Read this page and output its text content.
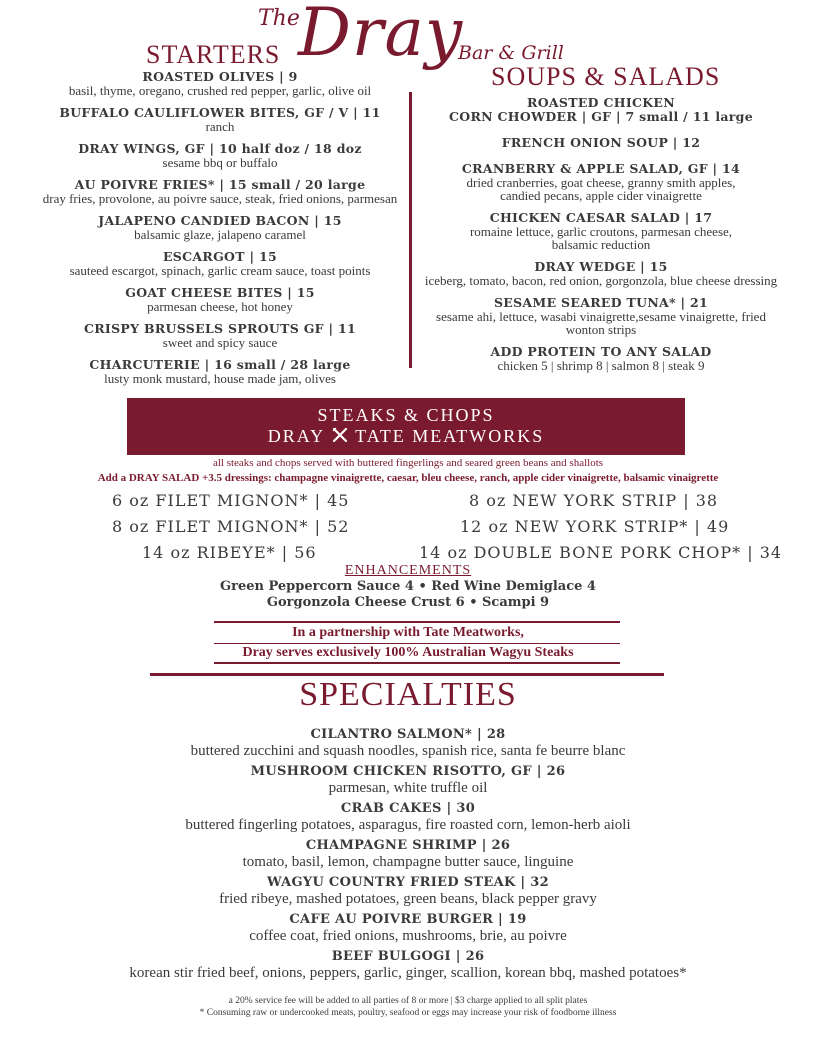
The
Dray
Bar & Grill
STARTERS
SOUPS & SALADS
ROASTED OLIVES | 9
basil, thyme, oregano, crushed red pepper, garlic, olive oil
BUFFALO CAULIFLOWER BITES, GF / V | 11
ranch
DRAY WINGS, GF | 10 half doz / 18 doz
sesame bbq or buffalo
AU POIVRE FRIES* | 15 small / 20 large
dray fries, provolone, au poivre sauce, steak, fried onions, parmesan
JALAPENO CANDIED BACON | 15
balsamic glaze, jalapeno caramel
ESCARGOT | 15
sauteed escargot, spinach, garlic cream sauce, toast points
GOAT CHEESE BITES | 15
parmesan cheese, hot honey
CRISPY BRUSSELS SPROUTS GF | 11
sweet and spicy sauce
CHARCUTERIE | 16 small / 28 large
lusty monk mustard, house made jam, olives
ROASTED CHICKEN
CORN CHOWDER | GF | 7 small / 11 large
FRENCH ONION SOUP | 12
CRANBERRY & APPLE SALAD, GF | 14
dried cranberries, goat cheese, granny smith apples, candied pecans, apple cider vinaigrette
CHICKEN CAESAR SALAD | 17
romaine lettuce, garlic croutons, parmesan cheese, balsamic reduction
DRAY WEDGE | 15
iceberg, tomato, bacon, red onion, gorgonzola, blue cheese dressing
SESAME SEARED TUNA* | 21
sesame ahi, lettuce, wasabi vinaigrette,sesame vinaigrette, fried wonton strips
ADD PROTEIN TO ANY SALAD
chicken 5 | shrimp 8 | salmon 8 | steak 9
STEAKS & CHOPS
DRAY TATE MEATWORKS
all steaks and chops served with buttered fingerlings and seared green beans and shallots
Add a DRAY SALAD +3.5 dressings: champagne vinaigrette, caesar, bleu cheese, ranch, apple cider vinaigrette, balsamic vinaigrette
6 oz FILET MIGNON* | 45
8 oz FILET MIGNON* | 52
14 oz RIBEYE* | 56
8 oz NEW YORK STRIP | 38
12 oz NEW YORK STRIP* | 49
14 oz DOUBLE BONE PORK CHOP* | 34
ENHANCEMENTS
Green Peppercorn Sauce 4 • Red Wine Demiglace 4
Gorgonzola Cheese Crust 6 • Scampi 9
In a partnership with Tate Meatworks,
Dray serves exclusively 100% Australian Wagyu Steaks
SPECIALTIES
CILANTRO SALMON* | 28
buttered zucchini and squash noodles, spanish rice, santa fe beurre blanc
MUSHROOM CHICKEN RISOTTO, GF | 26
parmesan, white truffle oil
CRAB CAKES | 30
buttered fingerling potatoes, asparagus, fire roasted corn, lemon-herb aioli
CHAMPAGNE SHRIMP | 26
tomato, basil, lemon, champagne butter sauce, linguine
WAGYU COUNTRY FRIED STEAK | 32
fried ribeye, mashed potatoes, green beans, black pepper gravy
CAFE AU POIVRE BURGER | 19
coffee coat, fried onions, mushrooms, brie, au poivre
BEEF BULGOGI | 26
korean stir fried beef, onions, peppers, garlic, ginger, scallion, korean bbq, mashed potatoes*
a 20% service fee will be added to all parties of 8 or more | $3 charge applied to all split plates
* Consuming raw or undercooked meats, poultry, seafood or eggs may increase your risk of foodborne illness
